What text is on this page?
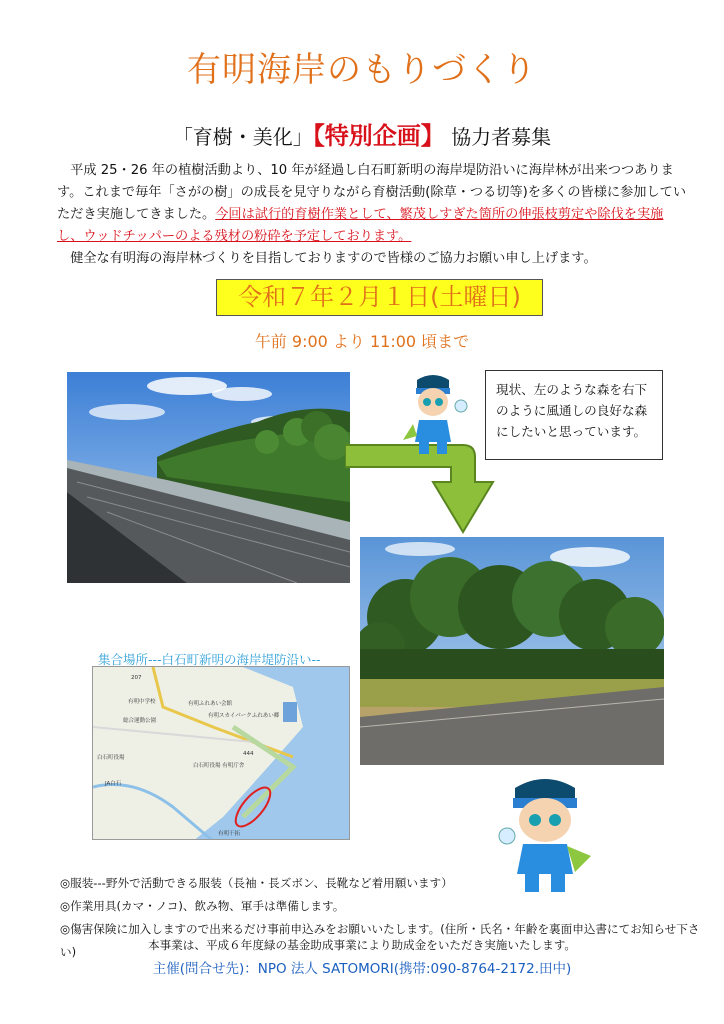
有明海岸のもりづくり
「育樹・美化」【特別企画】 協力者募集

平成 25・26 年の植樹活動より、10 年が経過し白石町新明の海岸堤防沿いに海岸林が出来つつあります。これまで毎年「さがの樹」の成長を見守りながら育樹活動(除草・つる切等)を多くの皆様に参加していただき実施してきました。今回は試行的育樹作業として、繁茂しすぎた箇所の伸張枝剪定や除伐を実施し、ウッドチッパーのよる残材の粉砕を予定しております。

健全な有明海の海岸林づくりを目指しておりますので皆様のご協力お願い申し上げます。

令和７年２月１日(土曜日)
午前 9:00 より 11:00 頃まで
現状、左のような森を右下のように風通しの良好な森にしたいと思っています。
集合場所---白石町新明の海岸堤防沿い--
白石町役場
総合運動公園
有明中学校
JA白石
有明ふれあい会館
有明スカイパークふれあい郷
白石町役場 有明庁舎
有明干拓
207
444
◎服装---野外で活動できる服装（長袖・長ズボン、長靴など着用願います）
◎作業用具(カマ・ノコ)、飲み物、軍手は準備します。
◎傷害保険に加入しますので出来るだけ事前申込みをお願いいたします。(住所・氏名・年齢を裏面申込書にてお知らせ下さい)	本事業は、平成６年度緑の基金助成事業により助成金をいただき実施いたします。
主催(問合せ先)：NPO 法人 SATOMORI(携帯:090-8764-2172.田中)
